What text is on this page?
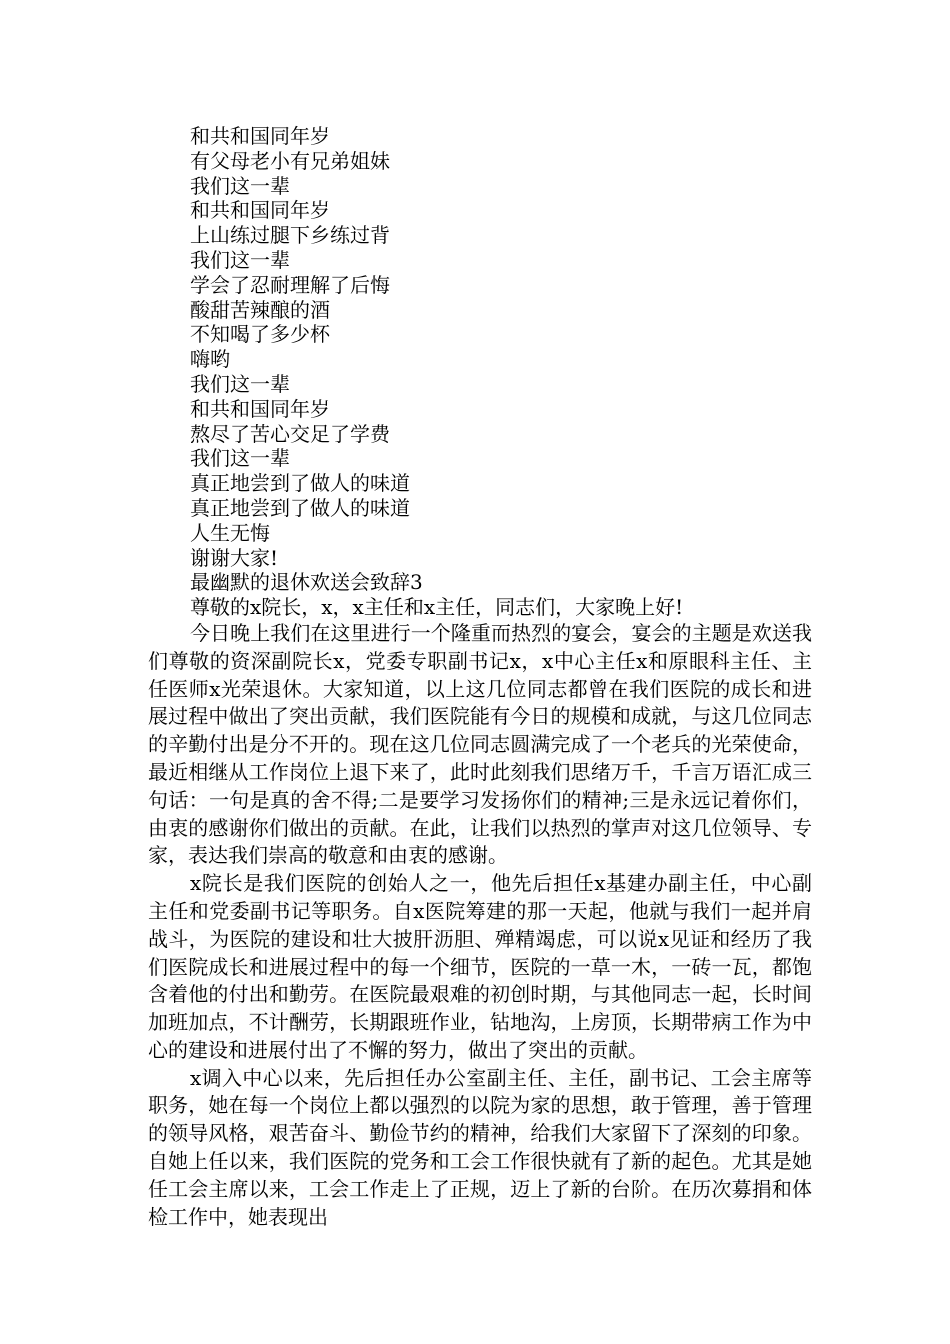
和共和国同年岁
有父母老小有兄弟姐妹
我们这一辈
和共和国同年岁
上山练过腿下乡练过背
我们这一辈
学会了忍耐理解了后悔
酸甜苦辣酿的酒
不知喝了多少杯
嗨哟
我们这一辈
和共和国同年岁
熬尽了苦心交足了学费
我们这一辈
真正地尝到了做人的味道
真正地尝到了做人的味道
人生无悔
谢谢大家!
最幽默的退休欢送会致辞3
尊敬的x院长，x，x主任和x主任，同志们，大家晚上好!

今日晚上我们在这里进行一个隆重而热烈的宴会，宴会的主题是欢送我们尊敬的资深副院长x，党委专职副书记x，x中心主任x和原眼科主任、主任医师x光荣退休。大家知道，以上这几位同志都曾在我们医院的成长和进展过程中做出了突出贡献，我们医院能有今日的规模和成就，与这几位同志的辛勤付出是分不开的。现在这几位同志圆满完成了一个老兵的光荣使命，最近相继从工作岗位上退下来了，此时此刻我们思绪万千，千言万语汇成三句话：一句是真的舍不得;二是要学习发扬你们的精神;三是永远记着你们，由衷的感谢你们做出的贡献。在此，让我们以热烈的掌声对这几位领导、专家，表达我们崇高的敬意和由衷的感谢。

x院长是我们医院的创始人之一，他先后担任x基建办副主任，中心副主任和党委副书记等职务。自x医院筹建的那一天起，他就与我们一起并肩战斗，为医院的建设和壮大披肝沥胆、殚精竭虑，可以说x见证和经历了我们医院成长和进展过程中的每一个细节，医院的一草一木，一砖一瓦，都饱含着他的付出和勤劳。在医院最艰难的初创时期，与其他同志一起，长时间加班加点，不计酬劳，长期跟班作业，钻地沟，上房顶，长期带病工作为中心的建设和进展付出了不懈的努力，做出了突出的贡献。

x调入中心以来，先后担任办公室副主任、主任，副书记、工会主席等职务，她在每一个岗位上都以强烈的以院为家的思想，敢于管理，善于管理的领导风格，艰苦奋斗、勤俭节约的精神，给我们大家留下了深刻的印象。自她上任以来，我们医院的党务和工会工作很快就有了新的起色。尤其是她任工会主席以来，工会工作走上了正规，迈上了新的台阶。在历次募捐和体检工作中，她表现出
